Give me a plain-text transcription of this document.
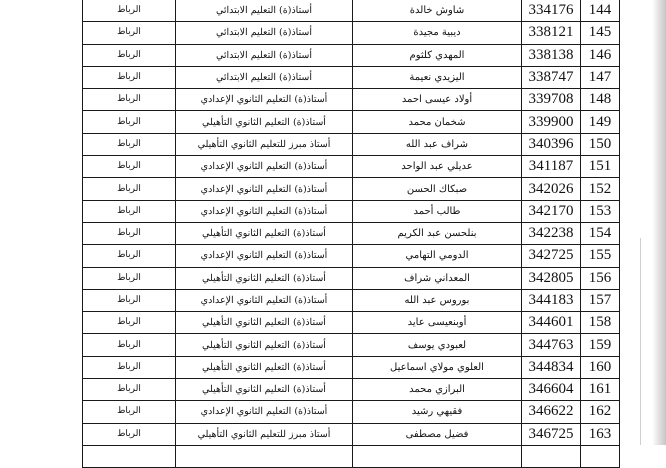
الرباط	أستاذ(ة) التعليم الابتدائي	شاوش خالدة	334176	144
الرباط	أستاذ(ة) التعليم الابتدائي	ديبية مجيدة	338121	145
الرباط	أستاذ(ة) التعليم الابتدائي	المهدي كلثوم	338138	146
الرباط	أستاذ(ة) التعليم الابتدائي	اليزيدي نعيمة	338747	147
الرباط	أستاذ(ة) التعليم الثانوي الإعدادي	أولاد عيسى احمد	339708	148
الرباط	أستاذ(ة) التعليم الثانوي التأهيلي	شخمان محمد	339900	149
الرباط	أستاذ مبرز للتعليم الثانوي التأهيلي	شراف عبد الله	340396	150
الرباط	أستاذ(ة) التعليم الثانوي الإعدادي	عديلي عبد الواحد	341187	151
الرباط	أستاذ(ة) التعليم الثانوي الإعدادي	صبكاك الحسن	342026	152
الرباط	أستاذ(ة) التعليم الثانوي الإعدادي	طالب أحمد	342170	153
الرباط	أستاذ(ة) التعليم الثانوي التأهيلي	بنلحسن عبد الكريم	342238	154
الرباط	أستاذ(ة) التعليم الثانوي الإعدادي	الدومي التهامي	342725	155
الرباط	أستاذ(ة) التعليم الثانوي التأهيلي	المعداني شراف	342805	156
الرباط	أستاذ(ة) التعليم الثانوي الإعدادي	بوروس عبد الله	344183	157
الرباط	أستاذ(ة) التعليم الثانوي التأهيلي	أوبنعيسى عايد	344601	158
الرباط	أستاذ(ة) التعليم الثانوي التأهيلي	لعبودي يوسف	344763	159
الرباط	أستاذ(ة) التعليم الثانوي التأهيلي	العلوي مولاي اسماعيل	344834	160
الرباط	أستاذ(ة) التعليم الثانوي التأهيلي	البرازي محمد	346604	161
الرباط	أستاذ(ة) التعليم الثانوي الإعدادي	فقيهي رشيد	346622	162
الرباط	أستاذ مبرز للتعليم الثانوي التأهيلي	فضيل مصطفى	346725	163
